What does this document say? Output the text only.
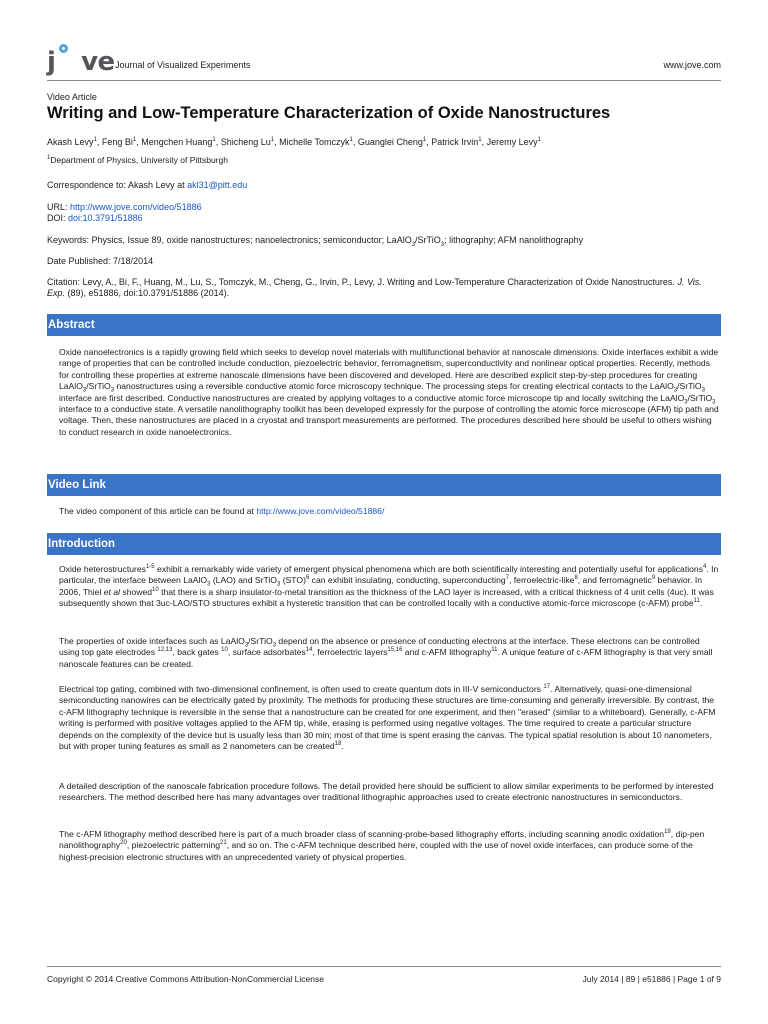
j ve Journal of Visualized Experiments	www.jove.com
Video Article
Writing and Low-Temperature Characterization of Oxide Nanostructures
Akash Levy$^1$, Feng Bi$^1$, Mengchen Huang$^1$, Shicheng Lu$^1$, Michelle Tomczyk$^1$, Guanglei Cheng$^1$, Patrick Irvin$^1$, Jeremy Levy$^1$
$^1$Department of Physics, University of Pittsburgh
Correspondence to: Akash Levy at akl31@pitt.edu
URL: http://www.jove.com/video/51886
DOI: doi:10.3791/51886
Keywords: Physics, Issue 89, oxide nanostructures; nanoelectronics; semiconductor; LaAlO$_3$/SrTiO$_3$; lithography; AFM nanolithography
Date Published: 7/18/2014
Citation: Levy, A., Bi, F., Huang, M., Lu, S., Tomczyk, M., Cheng, G., Irvin, P., Levy, J. Writing and Low-Temperature Characterization of Oxide Nanostructures. J. Vis. Exp. (89), e51886, doi:10.3791/51886 (2014).
Abstract
Oxide nanoelectronics is a rapidly growing field which seeks to develop novel materials with multifunctional behavior at nanoscale dimensions. Oxide interfaces exhibit a wide range of properties that can be controlled include conduction, piezoelectric behavior, ferromagnetism, superconductivity and nonlinear optical properties. Recently, methods for controlling these properties at extreme nanoscale dimensions have been discovered and developed. Here are described explicit step-by-step procedures for creating LaAlO$_3$/SrTiO$_3$ nanostructures using a reversible conductive atomic force microscopy technique. The processing steps for creating electrical contacts to the LaAlO$_3$/SrTiO$_3$ interface are first described. Conductive nanostructures are created by applying voltages to a conductive atomic force microscope tip and locally switching the LaAlO$_3$/SrTiO$_3$ interface to a conductive state. A versatile nanolithography toolkit has been developed expressly for the purpose of controlling the atomic force microscope (AFM) tip path and voltage. Then, these nanostructures are placed in a cryostat and transport measurements are performed. The procedures described here should be useful to others wishing to conduct research in oxide nanoelectronics.
Video Link
The video component of this article can be found at http://www.jove.com/video/51886/
Introduction
Oxide heterostructures$^{1-5}$ exhibit a remarkably wide variety of emergent physical phenomena which are both scientifically interesting and potentially useful for applications$^4$. In particular, the interface between LaAlO$_3$ (LAO) and SrTiO$_3$ (STO)$^6$ can exhibit insulating, conducting, superconducting$^7$, ferroelectric-like$^8$, and ferromagnetic$^9$ behavior. In 2006, Thiel et al showed$^{10}$ that there is a sharp insulator-to-metal transition as the thickness of the LAO layer is increased, with a critical thickness of 4 unit cells (4uc). It was subsequently shown that 3uc-LAO/STO structures exhibit a hysteretic transition that can be controlled locally with a conductive atomic-force microscope (c-AFM) probe$^{11}$.
The properties of oxide interfaces such as LaAlO$_3$/SrTiO$_3$ depend on the absence or presence of conducting electrons at the interface. These electrons can be controlled using top gate electrodes $^{12,13}$, back gates $^{10}$, surface adsorbates$^{14}$, ferroelectric layers$^{15,16}$ and c-AFM lithography$^{11}$. A unique feature of c-AFM lithography is that very small nanoscale features can be created.
Electrical top gating, combined with two-dimensional confinement, is often used to create quantum dots in III-V semiconductors $^{17}$. Alternatively, quasi-one-dimensional semiconducting nanowires can be electrically gated by proximity. The methods for producing these structures are time-consuming and generally irreversible. By contrast, the c-AFM lithography technique is reversible in the sense that a nanostructure can be created for one experiment, and then "erased" (similar to a whiteboard). Generally, c-AFM writing is performed with positive voltages applied to the AFM tip, while, erasing is performed using negative voltages. The time required to create a particular structure depends on the complexity of the device but is usually less than 30 min; most of that time is spent erasing the canvas. The typical spatial resolution is about 10 nanometers, but with proper tuning features as small as 2 nanometers can be created$^{18}$.
A detailed description of the nanoscale fabrication procedure follows. The detail provided here should be sufficient to allow similar experiments to be performed by interested researchers. The method described here has many advantages over traditional lithographic approaches used to create electronic nanostructures in semiconductors.
The c-AFM lithography method described here is part of a much broader class of scanning-probe-based lithography efforts, including scanning anodic oxidation$^{19}$, dip-pen nanolithography$^{20}$, piezoelectric patterning$^{21}$, and so on. The c-AFM technique described here, coupled with the use of novel oxide interfaces, can produce some of the highest-precision electronic structures with an unprecedented variety of physical properties.
Copyright © 2014 Creative Commons Attribution-NonCommercial License	July 2014 | 89 | e51886 | Page 1 of 9
